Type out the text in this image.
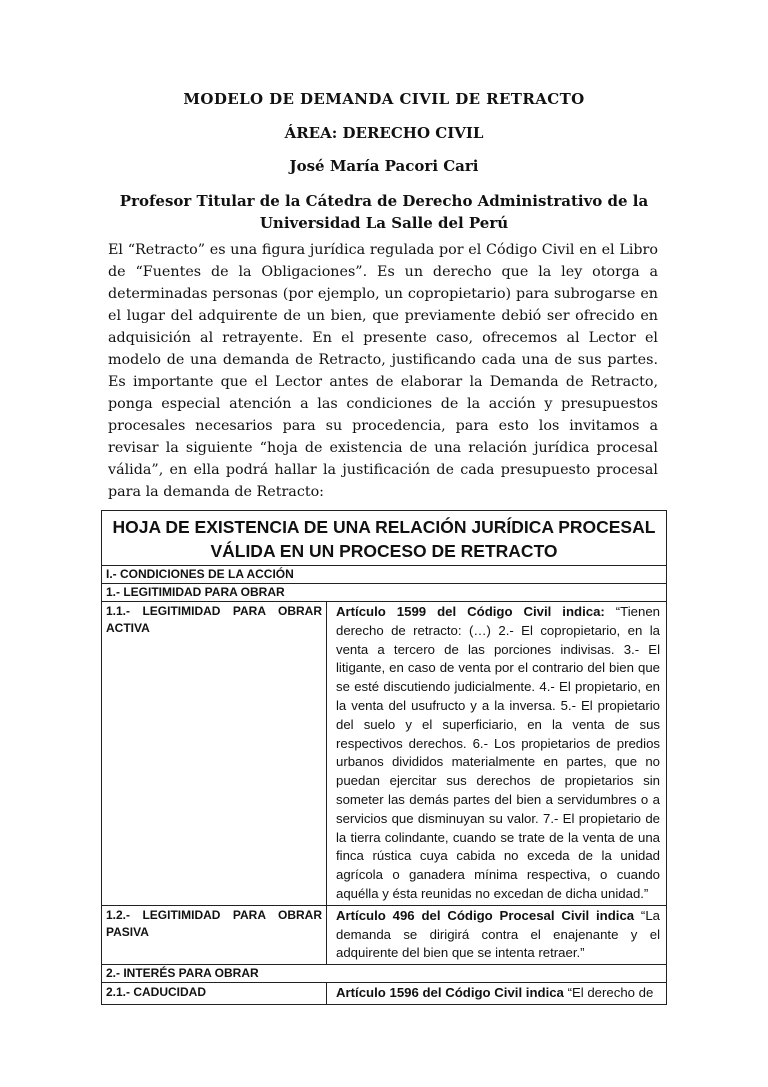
MODELO DE DEMANDA CIVIL DE RETRACTO
ÁREA: DERECHO CIVIL
José María Pacori Cari
Profesor Titular de la Cátedra de Derecho Administrativo de la Universidad La Salle del Perú
El “Retracto” es una figura jurídica regulada por el Código Civil en el Libro de “Fuentes de la Obligaciones”. Es un derecho que la ley otorga a determinadas personas (por ejemplo, un copropietario) para subrogarse en el lugar del adquirente de un bien, que previamente debió ser ofrecido en adquisición al retrayente. En el presente caso, ofrecemos al Lector el modelo de una demanda de Retracto, justificando cada una de sus partes. Es importante que el Lector antes de elaborar la Demanda de Retracto, ponga especial atención a las condiciones de la acción y presupuestos procesales necesarios para su procedencia, para esto los invitamos a revisar la siguiente “hoja de existencia de una relación jurídica procesal válida”, en ella podrá hallar la justificación de cada presupuesto procesal para la demanda de Retracto:
HOJA DE EXISTENCIA DE UNA RELACIÓN JURÍDICA PROCESAL VÁLIDA EN UN PROCESO DE RETRACTO
I.- CONDICIONES DE LA ACCIÓN
1.- LEGITIMIDAD PARA OBRAR
1.1.- LEGITIMIDAD PARA OBRAR ACTIVA
Artículo 1599 del Código Civil indica: “Tienen derecho de retracto: (…) 2.- El copropietario, en la venta a tercero de las porciones indivisas. 3.- El litigante, en caso de venta por el contrario del bien que se esté discutiendo judicialmente. 4.- El propietario, en la venta del usufructo y a la inversa. 5.- El propietario del suelo y el superficiario, en la venta de sus respectivos derechos. 6.- Los propietarios de predios urbanos divididos materialmente en partes, que no puedan ejercitar sus derechos de propietarios sin someter las demás partes del bien a servidumbres o a servicios que disminuyan su valor. 7.- El propietario de la tierra colindante, cuando se trate de la venta de una finca rústica cuya cabida no exceda de la unidad agrícola o ganadera mínima respectiva, o cuando aquélla y ésta reunidas no excedan de dicha unidad.”
1.2.- LEGITIMIDAD PARA OBRAR PASIVA
Artículo 496 del Código Procesal Civil indica “La demanda se dirigirá contra el enajenante y el adquirente del bien que se intenta retraer.”
2.- INTERÉS PARA OBRAR
2.1.- CADUCIDAD	Artículo 1596 del Código Civil indica “El derecho de
